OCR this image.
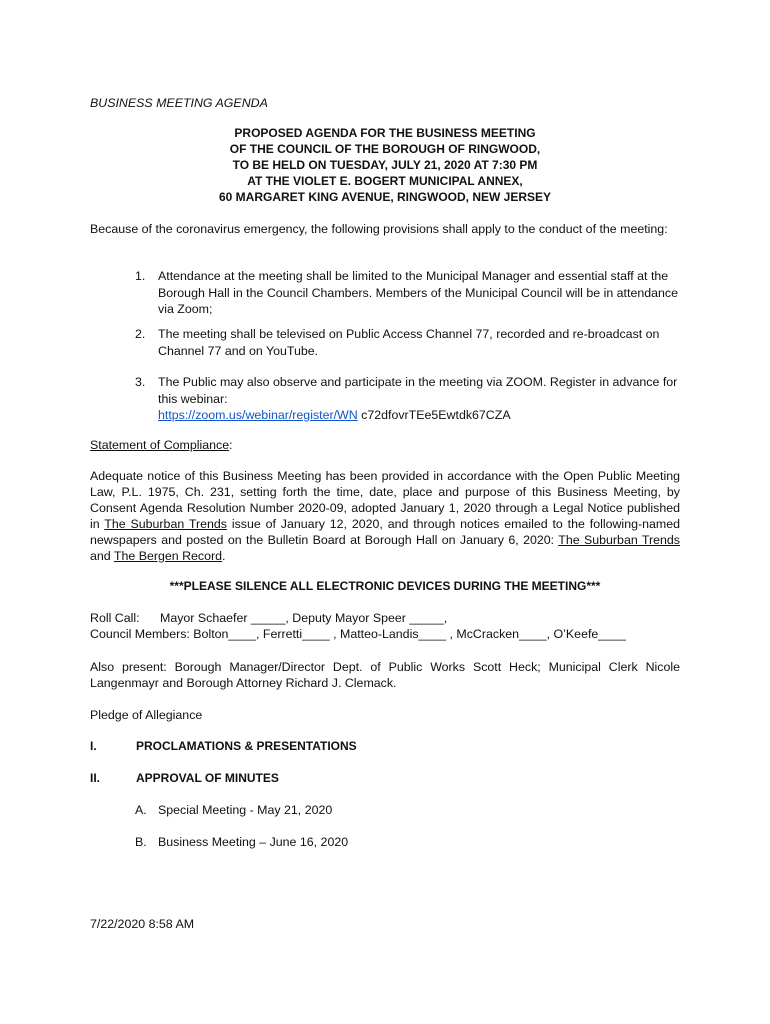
BUSINESS MEETING AGENDA
PROPOSED AGENDA FOR THE BUSINESS MEETING
OF THE COUNCIL OF THE BOROUGH OF RINGWOOD,
TO BE HELD ON TUESDAY, JULY 21, 2020 AT 7:30 PM
AT THE VIOLET E. BOGERT MUNICIPAL ANNEX,
60 MARGARET KING AVENUE, RINGWOOD, NEW JERSEY
Because of the coronavirus emergency, the following provisions shall apply to the conduct of the meeting:
1.	Attendance at the meeting shall be limited to the Municipal Manager and essential staff at the Borough Hall in the Council Chambers. Members of the Municipal Council will be in attendance via Zoom;
2.	The meeting shall be televised on Public Access Channel 77, recorded and re-broadcast on Channel 77 and on YouTube.
3.	The Public may also observe and participate in the meeting via ZOOM. Register in advance for this webinar:
https://zoom.us/webinar/register/WN c72dfovrTEe5Ewtdk67CZA
Statement of Compliance:
Adequate notice of this Business Meeting has been provided in accordance with the Open Public Meeting Law, P.L. 1975, Ch. 231, setting forth the time, date, place and purpose of this Business Meeting, by Consent Agenda Resolution Number 2020-09, adopted January 1, 2020 through a Legal Notice published in The Suburban Trends issue of January 12, 2020, and through notices emailed to the following-named newspapers and posted on the Bulletin Board at Borough Hall on January 6, 2020: The Suburban Trends and The Bergen Record.
***PLEASE SILENCE ALL ELECTRONIC DEVICES DURING THE MEETING***
Roll Call: Mayor Schaefer _____, Deputy Mayor Speer _____,
Council Members: Bolton____, Ferretti____ , Matteo-Landis____ , McCracken____, O’Keefe____
Also present: Borough Manager/Director Dept. of Public Works Scott Heck; Municipal Clerk Nicole Langenmayr and Borough Attorney Richard J. Clemack.
Pledge of Allegiance
I.	PROCLAMATIONS & PRESENTATIONS
II.	APPROVAL OF MINUTES
A. Special Meeting - May 21, 2020
B. Business Meeting – June 16, 2020
7/22/2020 8:58 AM
